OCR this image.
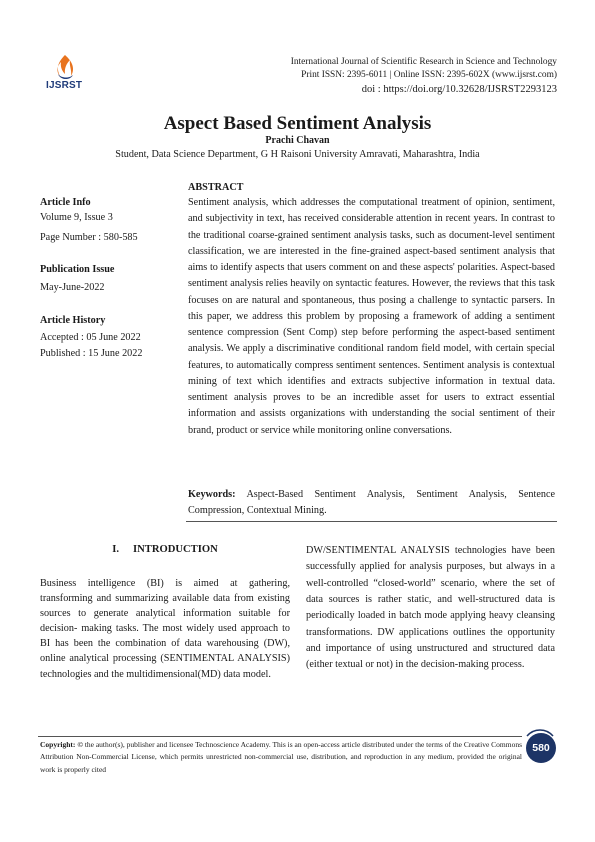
IJSRST
International Journal of Scientific Research in Science and Technology
Print ISSN: 2395-6011 | Online ISSN: 2395-602X (www.ijsrst.com)
doi : https://doi.org/10.32628/IJSRST2293123
Aspect Based Sentiment Analysis
Prachi Chavan
Student, Data Science Department, G H Raisoni University Amravati, Maharashtra, India
Article Info
Volume 9, Issue 3
Page Number : 580-585
Publication Issue
May-June-2022
Article History
Accepted : 05 June 2022
Published : 15 June 2022
ABSTRACT

Sentiment analysis, which addresses the computational treatment of opinion, sentiment, and subjectivity in text, has received considerable attention in recent years. In contrast to the traditional coarse-grained sentiment analysis tasks, such as document-level sentiment classification, we are interested in the fine-grained aspect-based sentiment analysis that aims to identify aspects that users comment on and these aspects' polarities. Aspect-based sentiment analysis relies heavily on syntactic features. However, the reviews that this task focuses on are natural and spontaneous, thus posing a challenge to syntactic parsers. In this paper, we address this problem by proposing a framework of adding a sentiment sentence compression (Sent Comp) step before performing the aspect-based sentiment analysis. We apply a discriminative conditional random field model, with certain special features, to automatically compress sentiment sentences. Sentiment analysis is contextual mining of text which identifies and extracts subjective information in textual data. sentiment analysis proves to be an incredible asset for users to extract essential information and assists organizations with understanding the social sentiment of their brand, product or service while monitoring online conversations.

Keywords: Aspect-Based Sentiment Analysis, Sentiment Analysis, Sentence Compression, Contextual Mining.

I. INTRODUCTION

Business intelligence (BI) is aimed at gathering, transforming and summarizing available data from existing sources to generate analytical information suitable for decision- making tasks. The most widely used approach to BI has been the combination of data warehousing (DW), online analytical processing (SENTIMENTAL ANALYSIS) technologies and the multidimensional(MD) data model.

DW/SENTIMENTAL ANALYSIS technologies have been successfully applied for analysis purposes, but always in a well-controlled “closed-world” scenario, where the set of data sources is rather static, and well-structured data is periodically loaded in batch mode applying heavy cleansing transformations. DW applications outlines the opportunity and importance of using unstructured and structured data (either textual or not) in the decision-making process.

Copyright: © the author(s), publisher and licensee Technoscience Academy. This is an open-access article distributed under the terms of the Creative Commons Attribution Non-Commercial License, which permits unrestricted non-commercial use, distribution, and reproduction in any medium, provided the original work is properly cited

580
